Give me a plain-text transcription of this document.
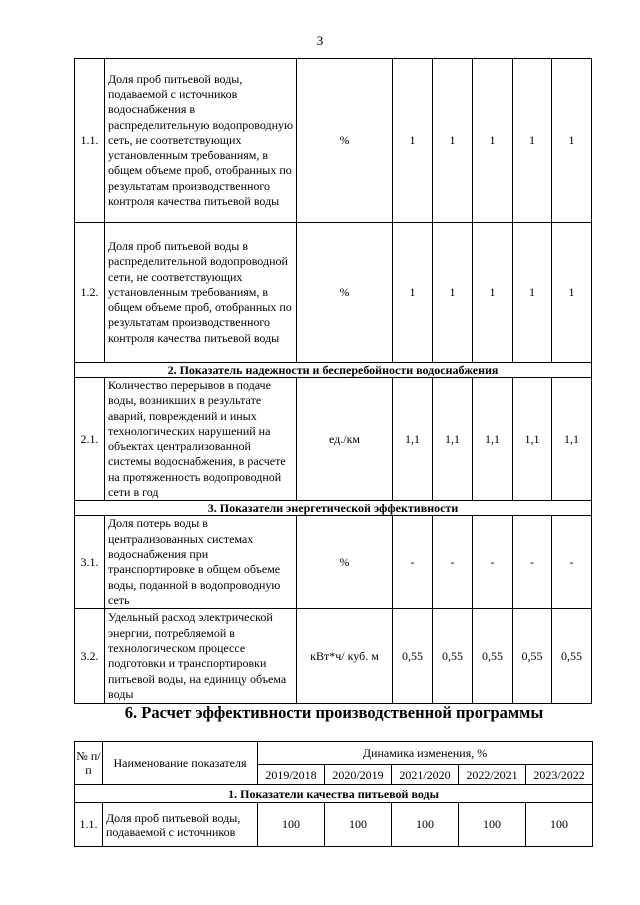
3
1.1.	Доля проб питьевой воды, подаваемой с источников водоснабжения в распределительную водопроводную сеть, не соответствующих установленным требованиям, в общем объеме проб, отобранных по результатам производственного контроля качества питьевой воды	%	1	1	1	1	1
1.2.	Доля проб питьевой воды в распределительной водопроводной сети, не соответствующих установленным требованиям, в общем объеме проб, отобранных по результатам производственного контроля качества питьевой воды	%	1	1	1	1	1
2. Показатель надежности и бесперебойности водоснабжения							
2.1.	Количество перерывов в подаче воды, возникших в результате аварий, повреждений и иных технологических нарушений на объектах централизованной системы водоснабжения, в расчете на протяженность водопроводной сети в год	ед./км	1,1	1,1	1,1	1,1	1,1
3. Показатели энергетической эффективности							
3.1.	Доля потерь воды в централизованных системах водоснабжения при транспортировке в общем объеме воды, поданной в водопроводную сеть	%	-	-	-	-	-
3.2.	Удельный расход электрической энергии, потребляемой в технологическом процессе подготовки и транспортировки питьевой воды, на единицу объема воды	кВт*ч/ куб. м	0,55	0,55	0,55	0,55	0,55
6. Расчет эффективности производственной программы
№ п/п	Наименование показателя	Динамика изменения, %				
		2019/2018	2020/2019	2021/2020	2022/2021	2023/2022
1. Показатели качества питьевой воды						
1.1.	Доля проб питьевой воды, подаваемой с источников	100	100	100	100	100
